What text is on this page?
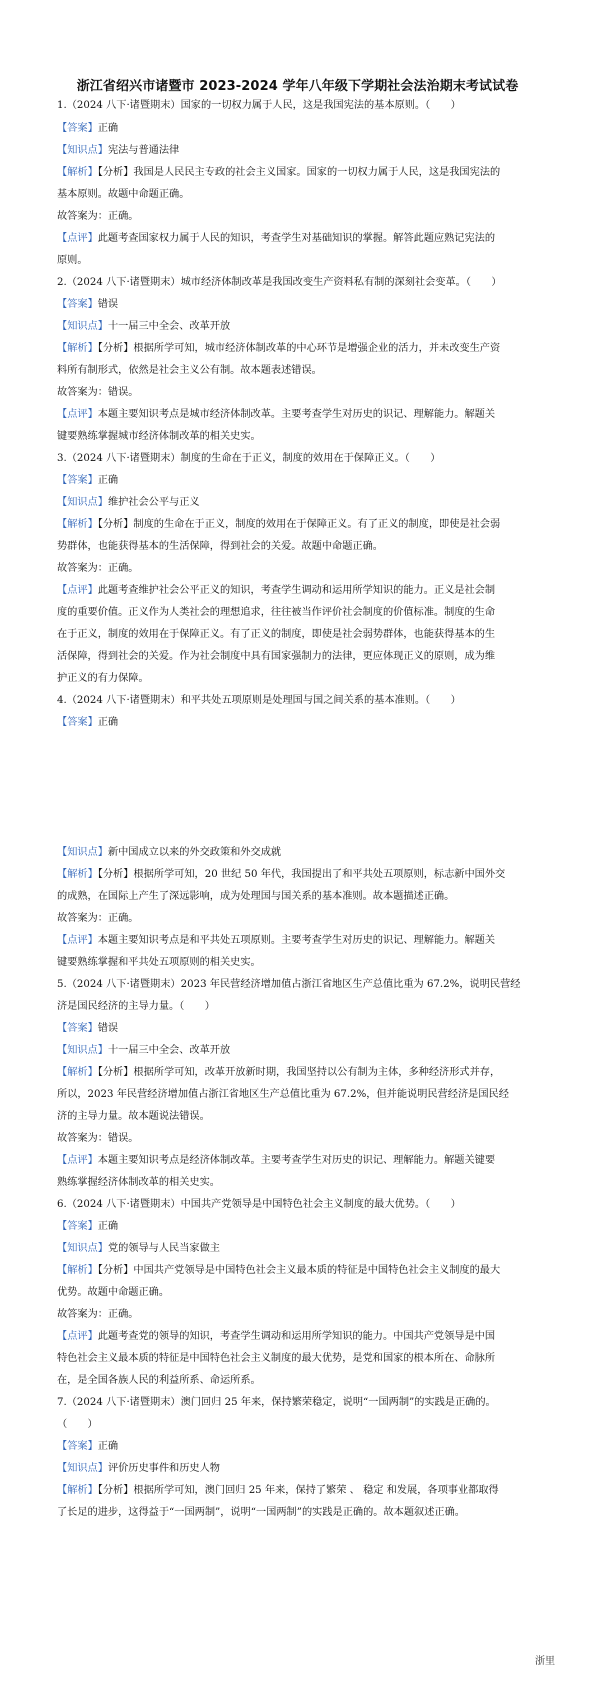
浙江省绍兴市诸暨市 2023-2024 学年八年级下学期社会法治期末考试试卷
1.（2024 八下·诸暨期末）国家的一切权力属于人民，这是我国宪法的基本原则。（　　）
【答案】正确
【知识点】宪法与普通法律
【解析】【分析】我国是人民民主专政的社会主义国家。国家的一切权力属于人民，这是我国宪法的
基本原则。故题中命题正确。
故答案为：正确。
【点评】此题考查国家权力属于人民的知识，考查学生对基础知识的掌握。解答此题应熟记宪法的
原则。
2.（2024 八下·诸暨期末）城市经济体制改革是我国改变生产资料私有制的深刻社会变革。（　　）
【答案】错误
【知识点】十一届三中全会、改革开放
【解析】【分析】根据所学可知，城市经济体制改革的中心环节是增强企业的活力，并未改变生产资
料所有制形式，依然是社会主义公有制。故本题表述错误。
故答案为：错误。
【点评】本题主要知识考点是城市经济体制改革。主要考查学生对历史的识记、理解能力。解题关
键要熟练掌握城市经济体制改革的相关史实。
3.（2024 八下·诸暨期末）制度的生命在于正义，制度的效用在于保障正义。（　　）
【答案】正确
【知识点】维护社会公平与正义
【解析】【分析】制度的生命在于正义，制度的效用在于保障正义。有了正义的制度，即使是社会弱
势群体，也能获得基本的生活保障，得到社会的关爱。故题中命题正确。
故答案为：正确。
【点评】此题考查维护社会公平正义的知识，考查学生调动和运用所学知识的能力。正义是社会制
度的重要价值。正义作为人类社会的理想追求，往往被当作评价社会制度的价值标准。制度的生命
在于正义，制度的效用在于保障正义。有了正义的制度，即使是社会弱势群体，也能获得基本的生
活保障，得到社会的关爱。作为社会制度中具有国家强制力的法律，更应体现正义的原则，成为维
护正义的有力保障。
4.（2024 八下·诸暨期末）和平共处五项原则是处理国与国之间关系的基本准则。（　　）
【答案】正确
【知识点】新中国成立以来的外交政策和外交成就
【解析】【分析】根据所学可知，20 世纪 50 年代，我国提出了和平共处五项原则，标志新中国外交
的成熟，在国际上产生了深远影响，成为处理国与国关系的基本准则。故本题描述正确。
故答案为：正确。
【点评】本题主要知识考点是和平共处五项原则。主要考查学生对历史的识记、理解能力。解题关
键要熟练掌握和平共处五项原则的相关史实。
5.（2024 八下·诸暨期末）2023 年民营经济增加值占浙江省地区生产总值比重为 67.2%，说明民营经
济是国民经济的主导力量。（　　）
【答案】错误
【知识点】十一届三中全会、改革开放
【解析】【分析】根据所学可知，改革开放新时期，我国坚持以公有制为主体，多种经济形式并存，
所以，2023 年民营经济增加值占浙江省地区生产总值比重为 67.2%，但并能说明民营经济是国民经
济的主导力量。故本题说法错误。
故答案为：错误。
【点评】本题主要知识考点是经济体制改革。主要考查学生对历史的识记、理解能力。解题关键要
熟练掌握经济体制改革的相关史实。
6.（2024 八下·诸暨期末）中国共产党领导是中国特色社会主义制度的最大优势。（　　）
【答案】正确
【知识点】党的领导与人民当家做主
【解析】【分析】中国共产党领导是中国特色社会主义最本质的特征是中国特色社会主义制度的最大
优势。故题中命题正确。
故答案为：正确。
【点评】此题考查党的领导的知识，考查学生调动和运用所学知识的能力。中国共产党领导是中国
特色社会主义最本质的特征是中国特色社会主义制度的最大优势，是党和国家的根本所在、命脉所
在，是全国各族人民的利益所系、命运所系。
7.（2024 八下·诸暨期末）澳门回归 25 年来，保持繁荣稳定，说明“一国两制”的实践是正确的。
（　　）
【答案】正确
【知识点】评价历史事件和历史人物
【解析】【分析】根据所学可知，澳门回归 25 年来，保持了繁荣 、 稳定 和发展，各项事业都取得
了长足的进步，这得益于“一国两制”，说明“一国两制”的实践是正确的。故本题叙述正确。
浙里
